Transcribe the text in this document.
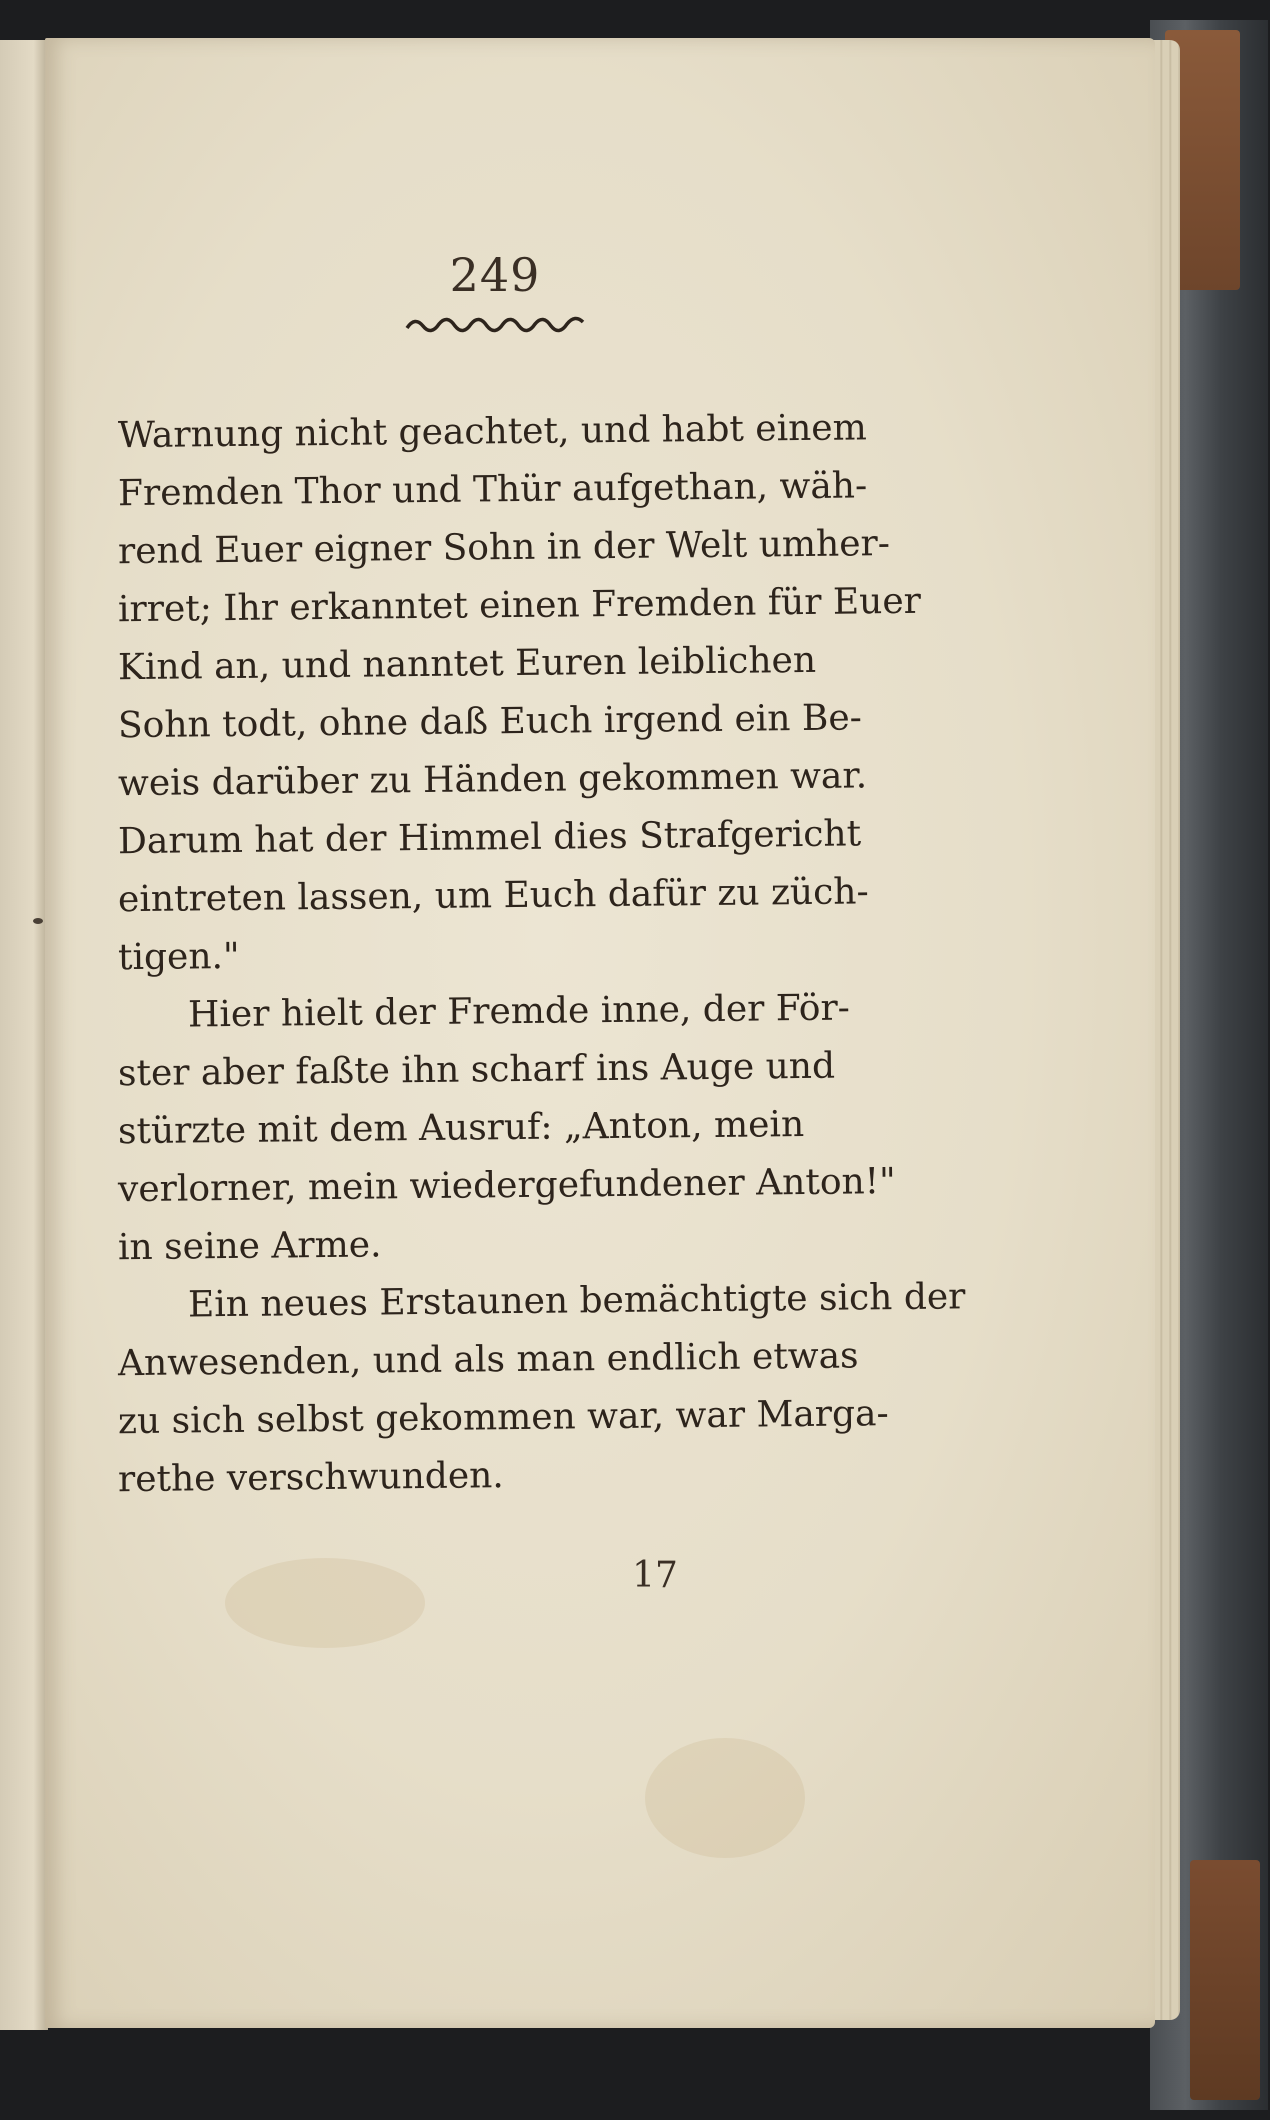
249
Warnung nicht geachtet, und habt einem
Fremden Thor und Thür aufgethan, wäh-
rend Euer eigner Sohn in der Welt umher-
irret; Ihr erkanntet einen Fremden für Euer
Kind an, und nanntet Euren leiblichen
Sohn todt, ohne daß Euch irgend ein Be-
weis darüber zu Händen gekommen war.
Darum hat der Himmel dies Strafgericht
eintreten lassen, um Euch dafür zu züch-
tigen."
Hier hielt der Fremde inne, der För-
ster aber faßte ihn scharf ins Auge und
stürzte mit dem Ausruf: „Anton, mein
verlorner, mein wiedergefundener Anton!"
in seine Arme.
Ein neues Erstaunen bemächtigte sich der
Anwesenden, und als man endlich etwas
zu sich selbst gekommen war, war Marga-
rethe verschwunden.
17
